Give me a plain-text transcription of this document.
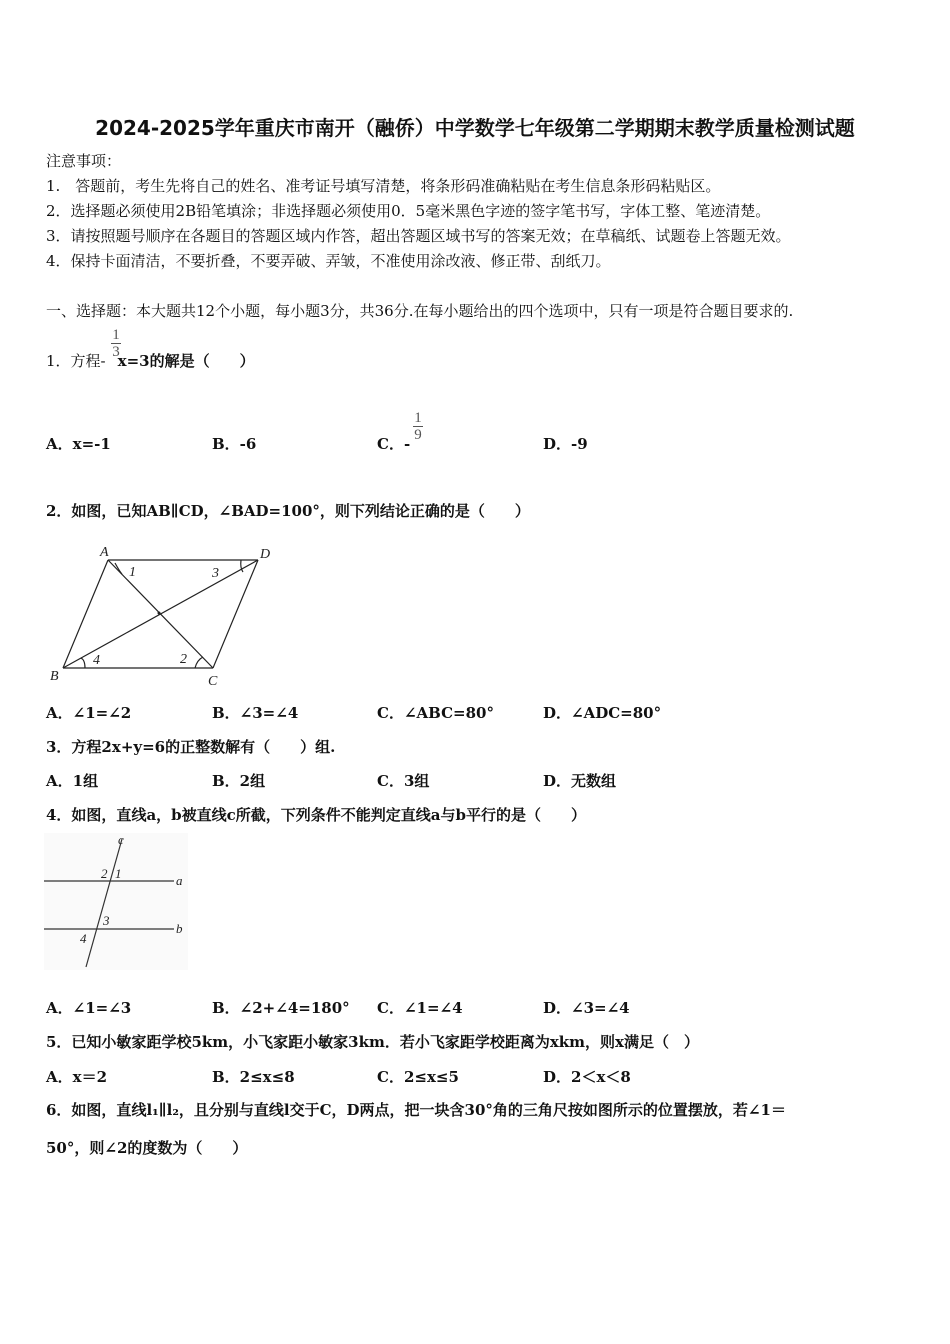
2024-2025学年重庆市南开（融侨）中学数学七年级第二学期期末教学质量检测试题
注意事项：
1.　答题前，考生先将自己的姓名、准考证号填写清楚，将条形码准确粘贴在考生信息条形码粘贴区。
2．选择题必须使用2B铅笔填涂；非选择题必须使用0．5毫米黑色字迹的签字笔书写，字体工整、笔迹清楚。
3．请按照题号顺序在各题目的答题区域内作答，超出答题区域书写的答案无效；在草稿纸、试题卷上答题无效。
4．保持卡面清洁，不要折叠，不要弄破、弄皱，不准使用涂改液、修正带、刮纸刀。
一、选择题：本大题共12个小题，每小题3分，共36分.在每小题给出的四个选项中，只有一项是符合题目要求的.
1．方程- x=3的解是（　　）
1
3
A．x=-1	B．-6	C．-
1
9	D．-9
2．如图，已知AB∥CD，∠BAD=100°，则下列结论正确的是（　　）
A	D
B	C
1
2
3
4
A．∠1=∠2	B．∠3=∠4	C．∠ABC=80°	D．∠ADC=80°
3．方程2x+y=6的正整数解有（　　）组.
A．1组	B．2组	C．3组	D．无数组
4．如图，直线a，b被直线c所截，下列条件不能判定直线a与b平行的是（　　）
c
a
b
1
2
3
4
A．∠1=∠3	B．∠2+∠4=180° C．∠1=∠4	D．∠3=∠4
5．已知小敏家距学校5km，小飞家距小敏家3km．若小飞家距学校距离为xkm，则x满足（　）
A．x＝2	B．2≤x≤8	C．2≤x≤5	D．2＜x＜8
6．如图，直线l₁∥l₂，且分别与直线l交于C，D两点，把一块含30°角的三角尺按如图所示的位置摆放，若∠1＝
50°，则∠2的度数为（　　）
